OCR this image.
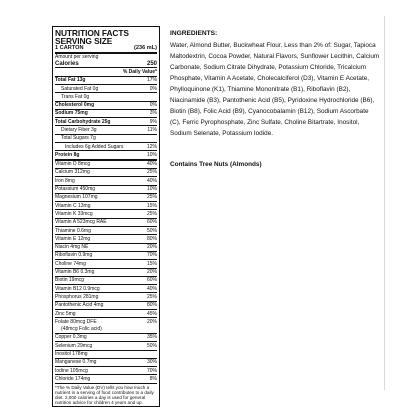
NUTRITION FACTS
SERVING SIZE
1 CARTON	(236 mL)
Amount per serving
Calories	250
% Daily Value*
Total Fat 13g	17%
Saturated Fat 0g	0%
Trans Fat 0g
Cholesterol 0mg	0%
Sodium 75mg	3%
Total Carbohydrate 25g	9%
Dietary Fiber 3g	11%
Total Sugars 7g
Includes 6g Added Sugars	12%
Protein 8g	10%
Vitamin D 8mcg	40%
Calcium 312mg	25%
Iron 8mg	40%
Potassium 450mg	10%
Magnesium 107mg	25%
Vitamin C 13mg	15%
Vitamin K 33mcg	25%
Vitamin A 523mcg RAE	60%
Thiamine 0.6mg	50%
Vitamin E 12mg	80%
Niacin 4mg NE	20%
Riboflavin 0.9mg	70%
Choline 74mg	15%
Vitamin B6 0.3mg	20%
Biotin 19mcg	60%
Vitamin B12 0.9mcg	40%
Phosphorus 281mg	25%
Pantothenic Acid 4mg	80%
Zinc 5mg	45%
Folate 80mcg DFE	20%
(48mcg Folic acid)
Copper 0.3mg	35%
Selenium 29mcg	50%
Inositol 178mg
Manganese 0.7mg	30%
Iodine 105mcg	70%
Chloride 174mg	8%
*The % Daily Value (DV) tells you how much a nutrient in a serving of food contributes to a daily diet. 2,000 calories a day is used for general nutrition advice for children 4 years and up.
INGREDIENTS:

Water, Almond Butter, Buckwheat Flour. Less than 2% of: Sugar, Tapioca Maltodextrin, Cocoa Powder, Natural Flavors, Sunflower Lecithin, Calcium Carbonate, Sodium Citrate Dihydrate, Potassium Chloride, Tricalcium Phosphate, Vitamin A Acetate, Cholecalciferol (D3), Vitamin E Acetate, Phylloquinone (K1), Thiamine Mononitrate (B1), Riboflavin (B2), Niacinamide (B3), Pantothenic Acid (B5), Pyridoxine Hydrochloride (B6), Biotin (B8), Folic Acid (B9), Cyanocobalamin (B12), Sodium Ascorbate (C), Ferric Pyrophosphate, Zinc Sulfate, Choline Bitartrate, Inositol, Sodium Selenate, Potassium Iodide.

Contains Tree Nuts (Almonds)
